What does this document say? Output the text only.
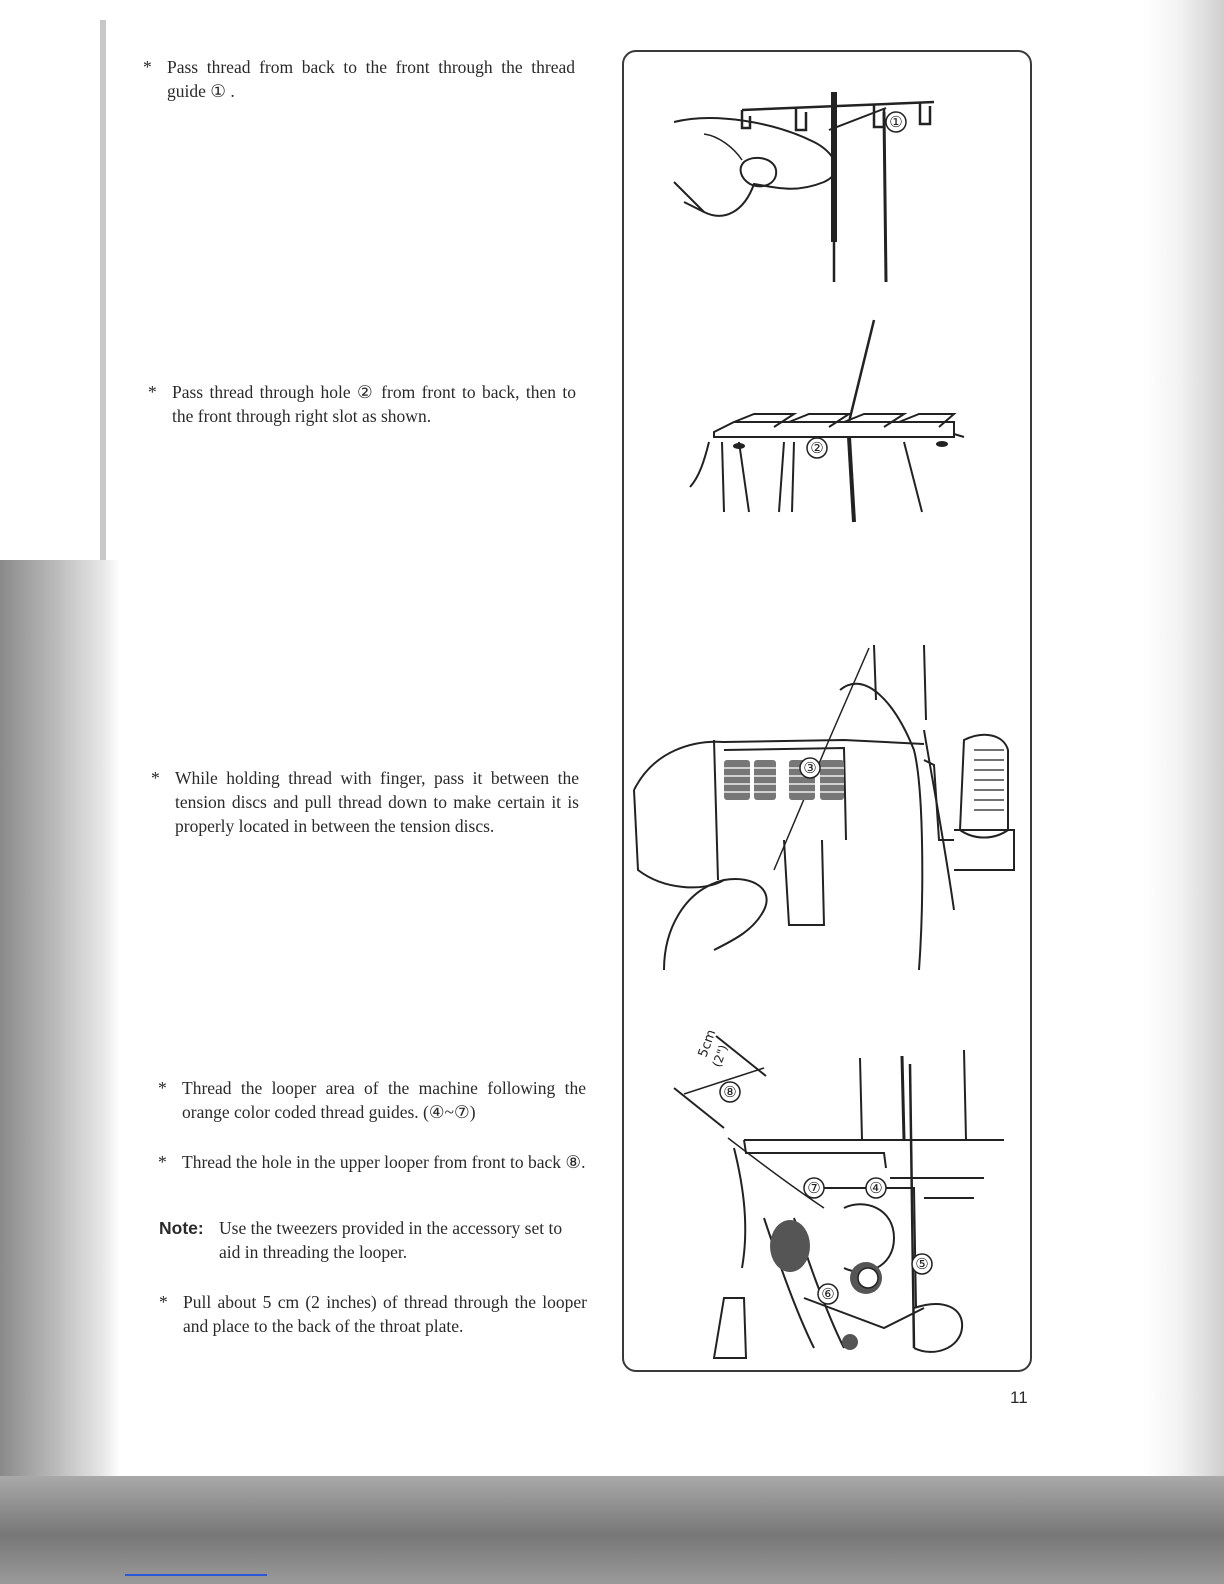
* Pass thread from back to the front through the thread guide ① .
* Pass thread through hole ② from front to back, then to the front through right slot as shown.
* While holding thread with finger, pass it between the tension discs and pull thread down to make certain it is properly located in between the tension discs.
* Thread the looper area of the machine following the orange color coded thread guides. (④~⑦)
* Thread the hole in the upper looper from front to back ⑧.
Note: Use the tweezers provided in the accessory set to aid in threading the looper.
* Pull about 5 cm (2 inches) of thread through the looper and place to the back of the throat plate.
①
②
③
⑧
⑦	④
⑤
⑥
5cm
(2")
11
